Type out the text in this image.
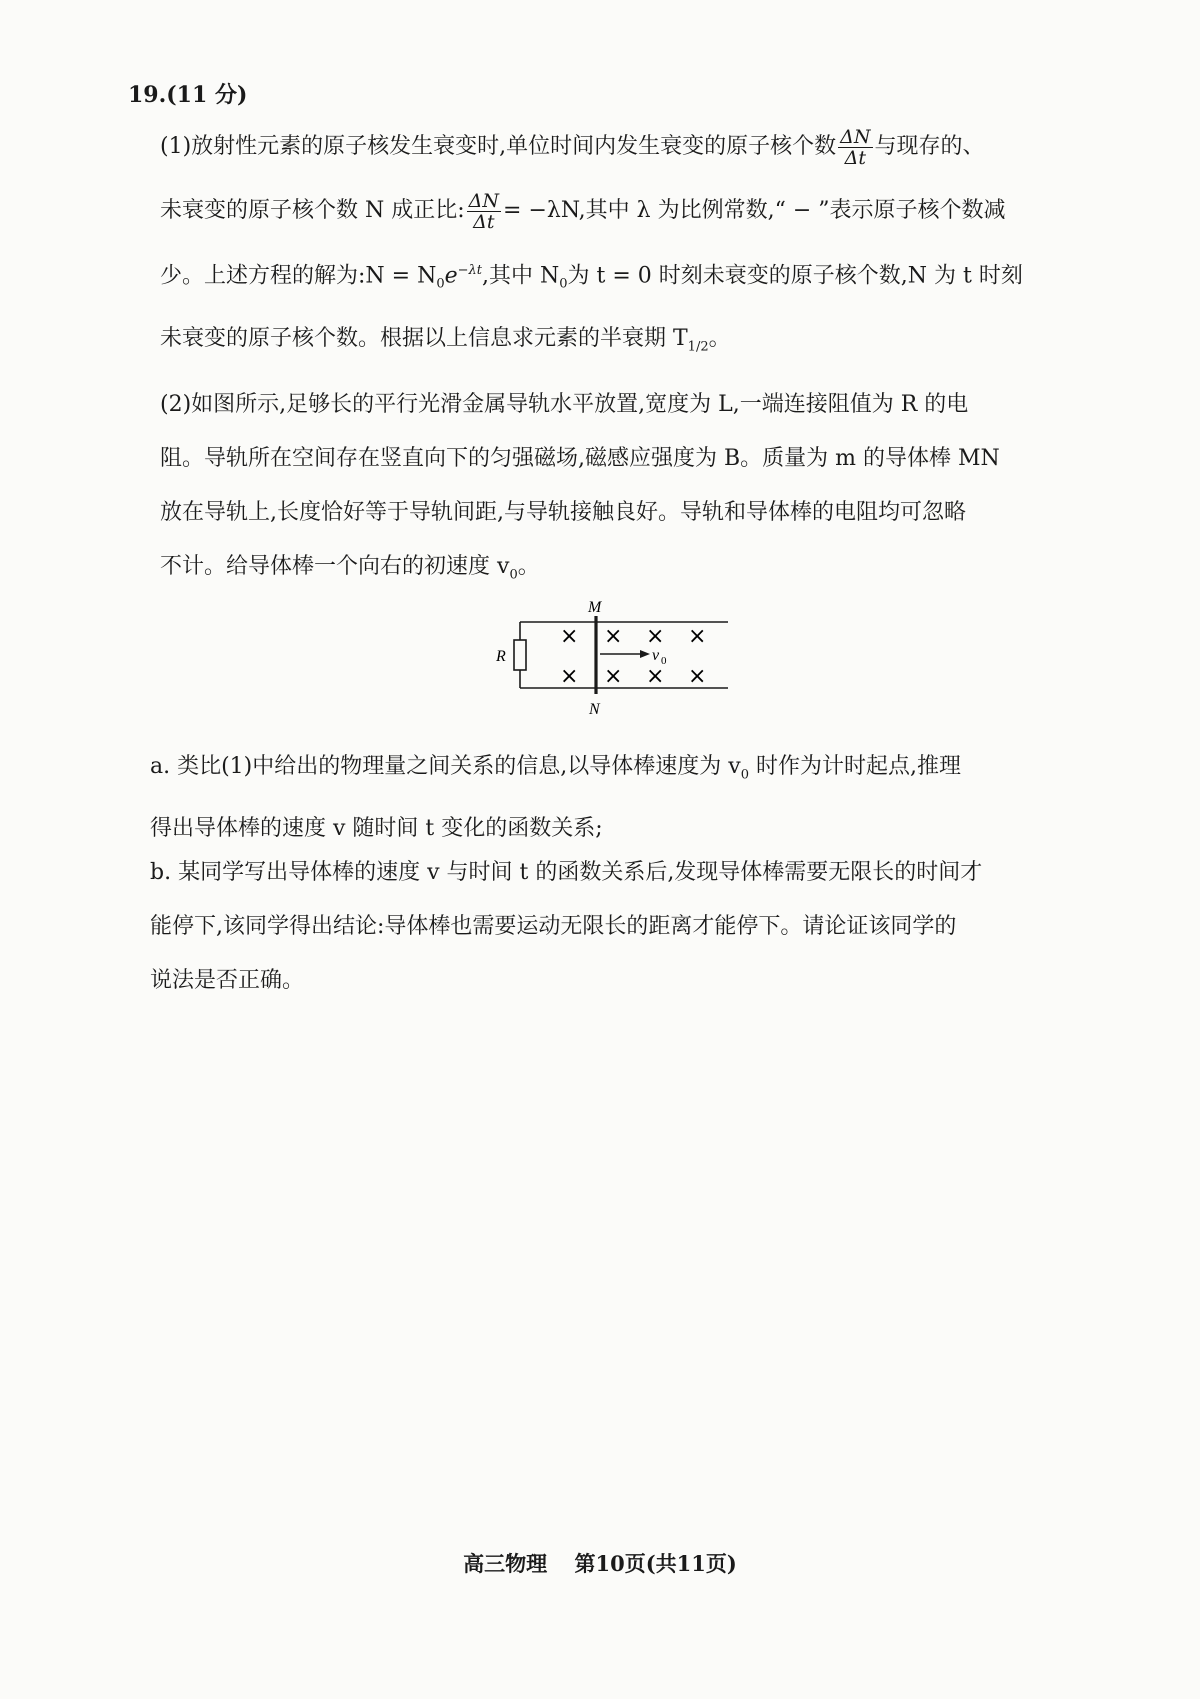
19.(11 分)
(1)放射性元素的原子核发生衰变时,单位时间内发生衰变的原子核个数 $\frac{\Delta N}{\Delta t}$ 与现存的、
未衰变的原子核个数 N 成正比: $\frac{\Delta N}{\Delta t} = -\lambda N$,其中 λ 为比例常数,“ − ”表示原子核个数减
少。上述方程的解为:N = $N_0e^{-\lambda t}$,其中 $N_0$为 t = 0 时刻未衰变的原子核个数,N 为 t 时刻
未衰变的原子核个数。根据以上信息求元素的半衰期 $T_{1/2}$。
(2)如图所示,足够长的平行光滑金属导轨水平放置,宽度为 L,一端连接阻值为 R 的电
阻。导轨所在空间存在竖直向下的匀强磁场,磁感应强度为 B。质量为 m 的导体棒 MN
放在导轨上,长度恰好等于导轨间距,与导轨接触良好。导轨和导体棒的电阻均可忽略
不计。给导体棒一个向右的初速度 $v_0$。
R
M
N
×
×
× × ×
× × ×
v 0
a. 类比(1)中给出的物理量之间关系的信息,以导体棒速度为 $v_0$ 时作为计时起点,推理
得出导体棒的速度 v 随时间 t 变化的函数关系;
b. 某同学写出导体棒的速度 v 与时间 t 的函数关系后,发现导体棒需要无限长的时间才
能停下,该同学得出结论:导体棒也需要运动无限长的距离才能停下。请论证该同学的
说法是否正确。
高三物理 第10页(共11页)
